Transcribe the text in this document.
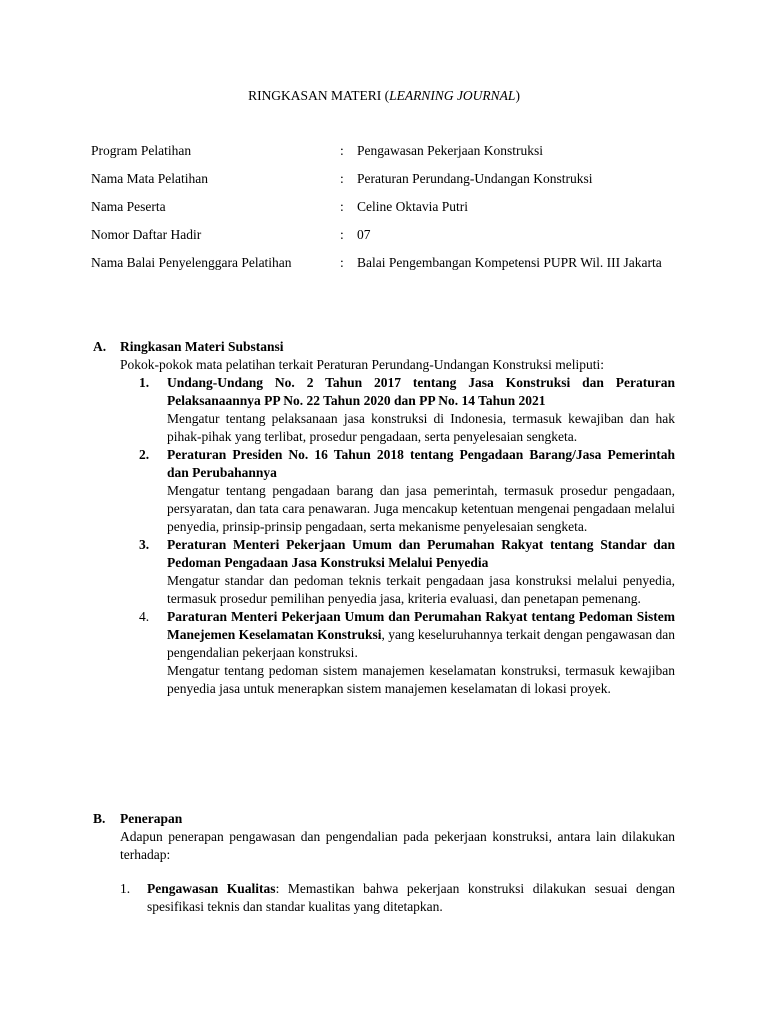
RINGKASAN MATERI (LEARNING JOURNAL)
Program Pelatihan	: Pengawasan Pekerjaan Konstruksi
Nama Mata Pelatihan	: Peraturan Perundang-Undangan Konstruksi
Nama Peserta	: Celine Oktavia Putri
Nomor Daftar Hadir	: 07
Nama Balai Penyelenggara Pelatihan	: Balai Pengembangan Kompetensi PUPR Wil. III Jakarta
A. Ringkasan Materi Substansi
Pokok-pokok mata pelatihan terkait Peraturan Perundang-Undangan Konstruksi meliputi:
1. Undang-Undang No. 2 Tahun 2017 tentang Jasa Konstruksi dan Peraturan Pelaksanaannya PP No. 22 Tahun 2020 dan PP No. 14 Tahun 2021
Mengatur tentang pelaksanaan jasa konstruksi di Indonesia, termasuk kewajiban dan hak pihak-pihak yang terlibat, prosedur pengadaan, serta penyelesaian sengketa.
2. Peraturan Presiden No. 16 Tahun 2018 tentang Pengadaan Barang/Jasa Pemerintah dan Perubahannya
Mengatur tentang pengadaan barang dan jasa pemerintah, termasuk prosedur pengadaan, persyaratan, dan tata cara penawaran. Juga mencakup ketentuan mengenai pengadaan melalui penyedia, prinsip-prinsip pengadaan, serta mekanisme penyelesaian sengketa.
3. Peraturan Menteri Pekerjaan Umum dan Perumahan Rakyat tentang Standar dan Pedoman Pengadaan Jasa Konstruksi Melalui Penyedia
Mengatur standar dan pedoman teknis terkait pengadaan jasa konstruksi melalui penyedia, termasuk prosedur pemilihan penyedia jasa, kriteria evaluasi, dan penetapan pemenang.
4. Paraturan Menteri Pekerjaan Umum dan Perumahan Rakyat tentang Pedoman Sistem Manejemen Keselamatan Konstruksi, yang keseluruhannya terkait dengan pengawasan dan pengendalian pekerjaan konstruksi.
Mengatur tentang pedoman sistem manajemen keselamatan konstruksi, termasuk kewajiban penyedia jasa untuk menerapkan sistem manajemen keselamatan di lokasi proyek.
B. Penerapan
Adapun penerapan pengawasan dan pengendalian pada pekerjaan konstruksi, antara lain dilakukan terhadap:
1. Pengawasan Kualitas: Memastikan bahwa pekerjaan konstruksi dilakukan sesuai dengan spesifikasi teknis dan standar kualitas yang ditetapkan.
